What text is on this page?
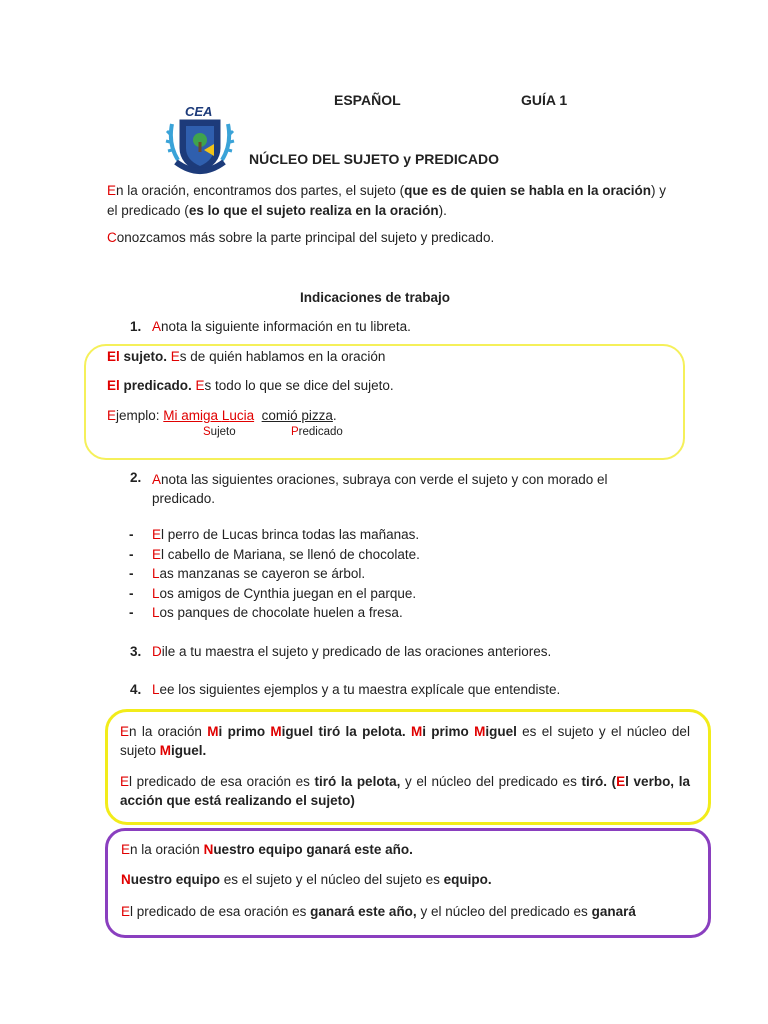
ESPAÑOL	GUÍA 1
CEA
NÚCLEO DEL SUJETO y PREDICADO
En la oración, encontramos dos partes, el sujeto (que es de quien se habla en la oración) y el predicado (es lo que el sujeto realiza en la oración).
Conozcamos más sobre la parte principal del sujeto y predicado.
Indicaciones de trabajo
1. Anota la siguiente información en tu libreta.
El sujeto. Es de quién hablamos en la oración
El predicado. Es todo lo que se dice del sujeto.
Ejemplo: Mi amiga Lucia comió pizza.
Sujeto	Predicado
2. Anota las siguientes oraciones, subraya con verde el sujeto y con morado el
predicado.
- El perro de Lucas brinca todas las mañanas.
- El cabello de Mariana, se llenó de chocolate.
- Las manzanas se cayeron se árbol.
- Los amigos de Cynthia juegan en el parque.
- Los panques de chocolate huelen a fresa.
3. Dile a tu maestra el sujeto y predicado de las oraciones anteriores.
4. Lee los siguientes ejemplos y a tu maestra explícale que entendiste.
En la oración Mi primo Miguel tiró la pelota. Mi primo Miguel es el sujeto y el núcleo del sujeto Miguel.
El predicado de esa oración es tiró la pelota, y el núcleo del predicado es tiró. (El verbo, la acción que está realizando el sujeto)
En la oración Nuestro equipo ganará este año.
Nuestro equipo es el sujeto y el núcleo del sujeto es equipo.
El predicado de esa oración es ganará este año, y el núcleo del predicado es ganará
